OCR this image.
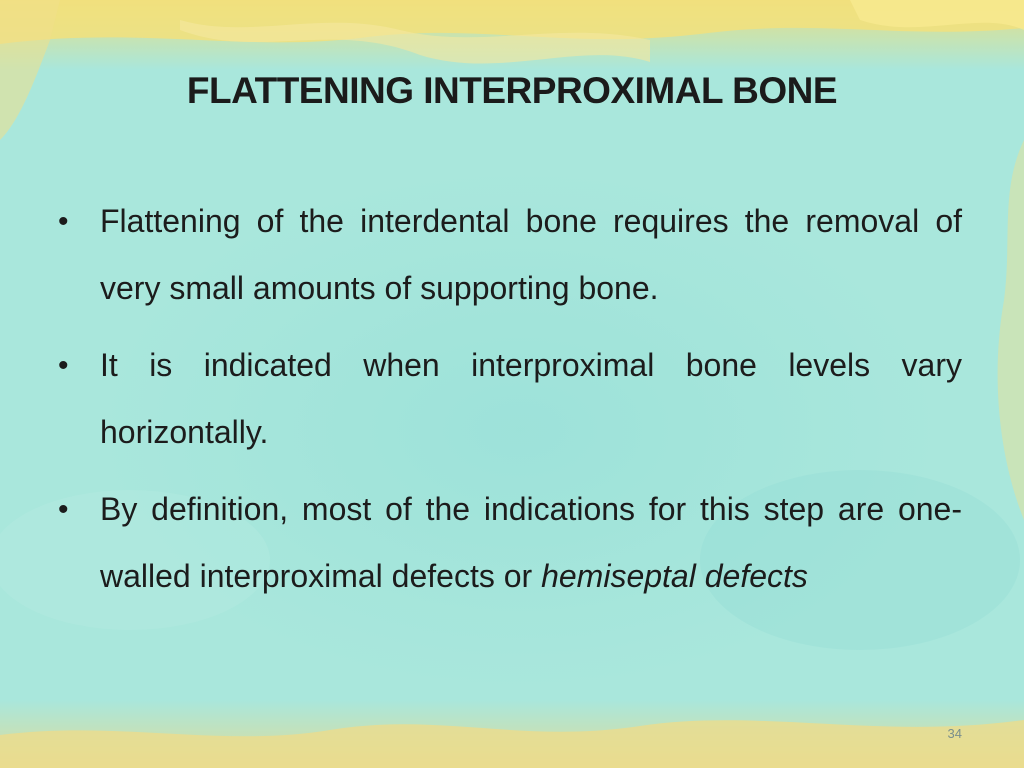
FLATTENING INTERPROXIMAL BONE
• Flattening of the interdental bone requires the removal of very small amounts of supporting bone.
• It is indicated when interproximal bone levels vary horizontally.
• By definition, most of the indications for this step are one-walled interproximal defects or hemiseptal defects
34
